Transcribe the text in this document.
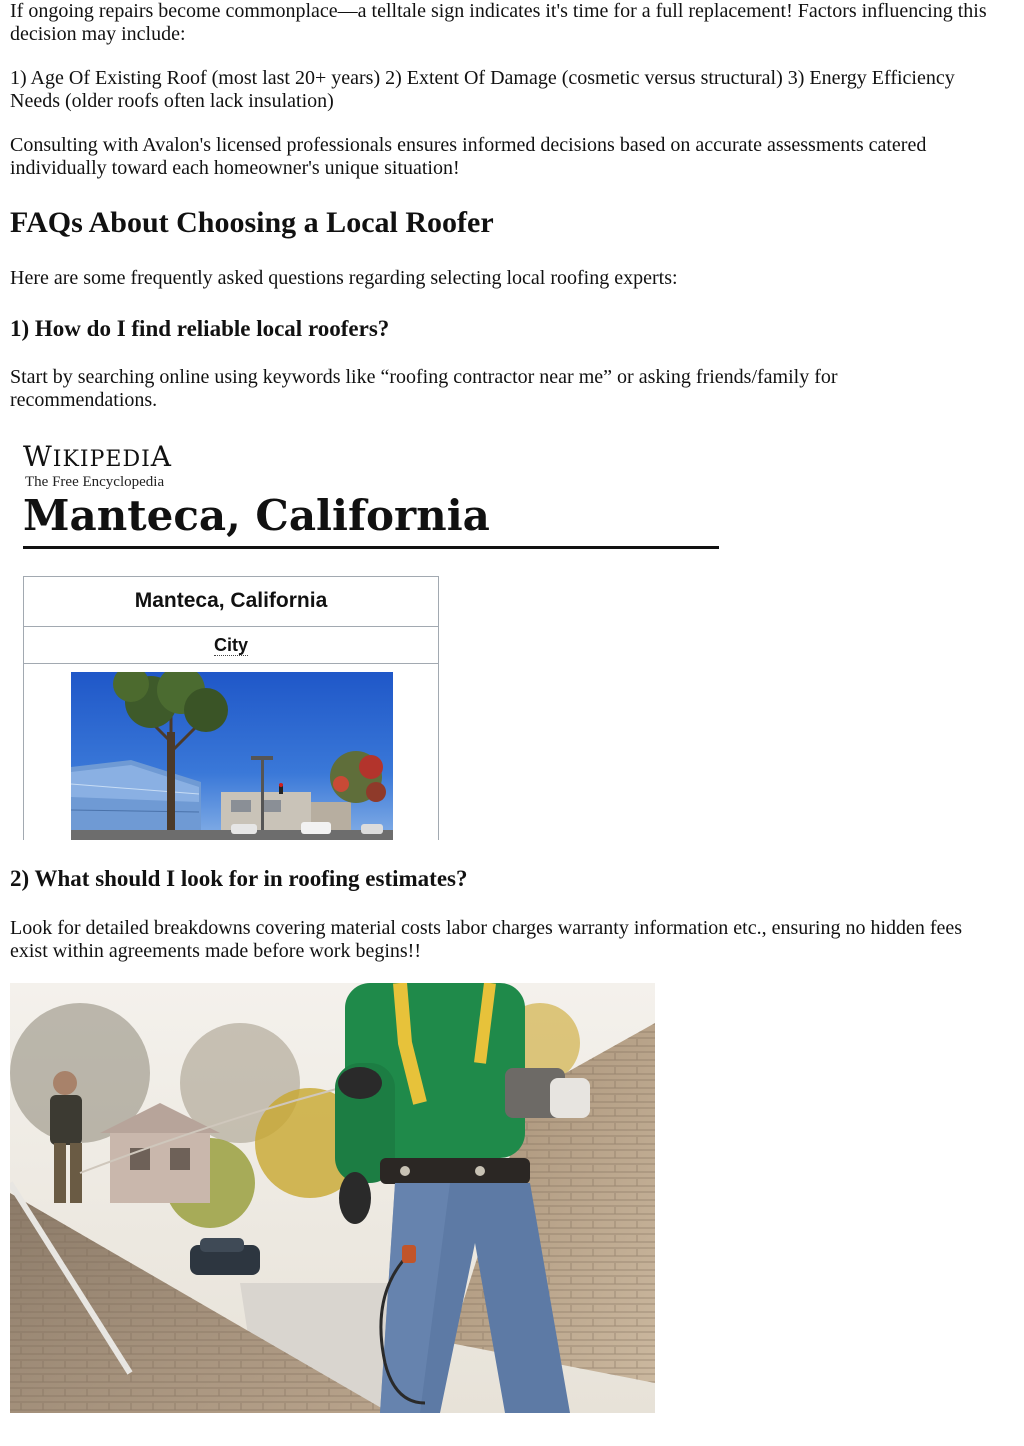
If ongoing repairs become commonplace—a telltale sign indicates it's time for a full replacement! Factors influencing this decision may include:

1) Age Of Existing Roof (most last 20+ years) 2) Extent Of Damage (cosmetic versus structural) 3) Energy Efficiency Needs (older roofs often lack insulation)

Consulting with Avalon's licensed professionals ensures informed decisions based on accurate assessments catered individually toward each homeowner's unique situation!

FAQs About Choosing a Local Roofer

Here are some frequently asked questions regarding selecting local roofing experts:

1) How do I find reliable local roofers?

Start by searching online using keywords like “roofing contractor near me” or asking friends/family for recommendations.

WIKIPEDIA
The Free Encyclopedia
Manteca, California
Manteca, California
City
2) What should I look for in roofing estimates?

Look for detailed breakdowns covering material costs labor charges warranty information etc., ensuring no hidden fees exist within agreements made before work begins!!
